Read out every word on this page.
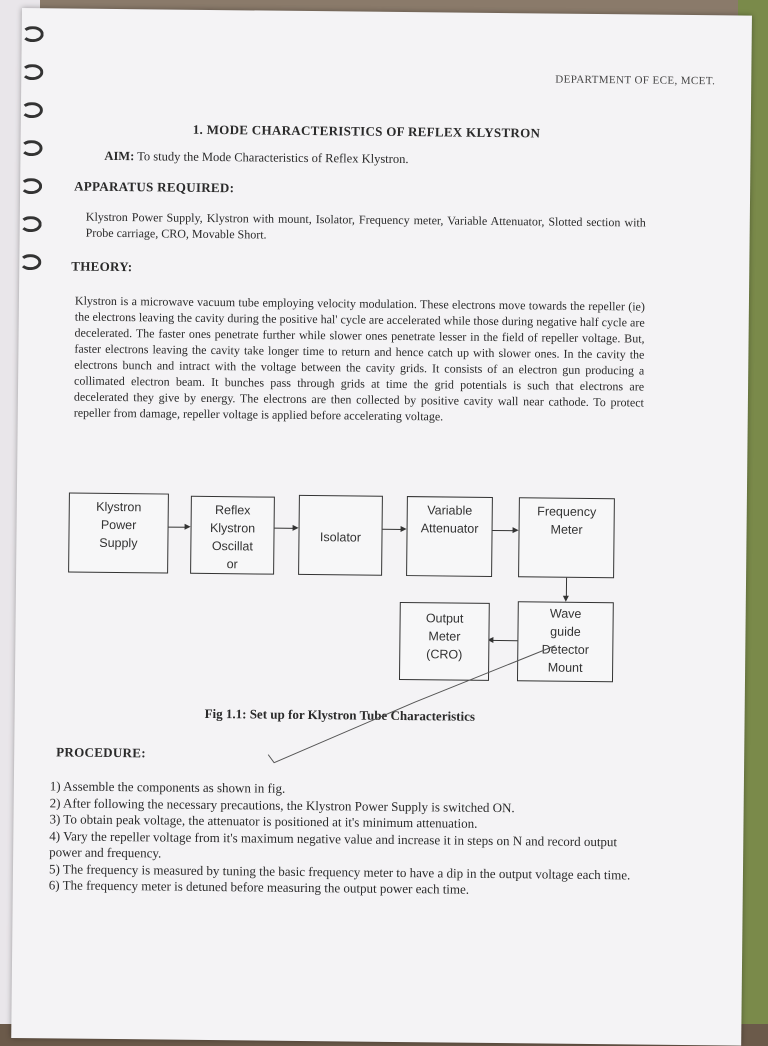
DEPARTMENT OF ECE, MCET.
1. MODE CHARACTERISTICS OF REFLEX KLYSTRON
AIM: To study the Mode Characteristics of Reflex Klystron.
APPARATUS REQUIRED:
Klystron Power Supply, Klystron with mount, Isolator, Frequency meter, Variable Attenuator, Slotted section with Probe carriage, CRO, Movable Short.
THEORY:
Klystron is a microwave vacuum tube employing velocity modulation. These electrons move towards the repeller (ie) the electrons leaving the cavity during the positive hal' cycle are accelerated while those during negative half cycle are decelerated. The faster ones penetrate further while slower ones penetrate lesser in the field of repeller voltage. But, faster electrons leaving the cavity take longer time to return and hence catch up with slower ones. In the cavity the electrons bunch and intract with the voltage between the cavity grids. It consists of an electron gun producing a collimated electron beam. It bunches pass through grids at time the grid potentials is such that electrons are decelerated they give by energy. The electrons are then collected by positive cavity wall near cathode. To protect repeller from damage, repeller voltage is applied before accelerating voltage.
Klystron
Power
Supply
Reflex
Klystron
Oscillat
or
Isolator
Variable
Attenuator
Frequency
Meter
Wave
guide
Detector
Mount
Output
Meter
(CRO)
Fig 1.1: Set up for Klystron Tube Characteristics
PROCEDURE:
1) Assemble the components as shown in fig.
2) After following the necessary precautions, the Klystron Power Supply is switched ON.
3) To obtain peak voltage, the attenuator is positioned at it's minimum attenuation.
4) Vary the repeller voltage from it's maximum negative value and increase it in steps on N and record output power and frequency.
5) The frequency is measured by tuning the basic frequency meter to have a dip in the output voltage each time.
6) The frequency meter is detuned before measuring the output power each time.
